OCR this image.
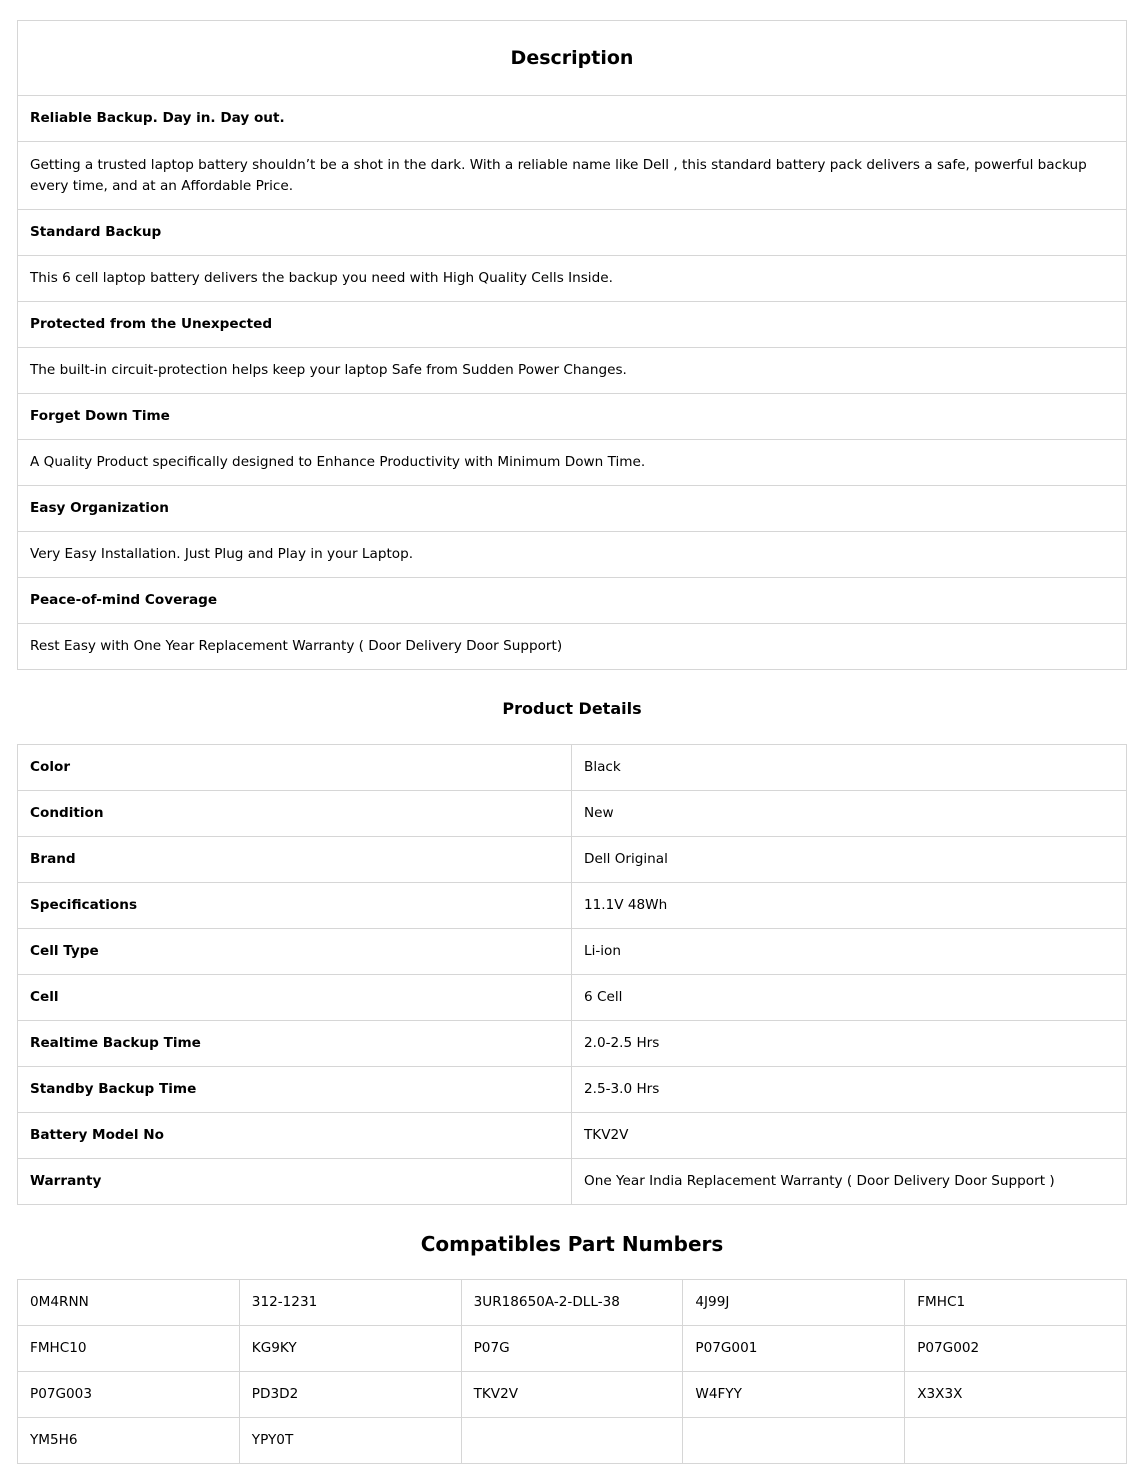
Description
Reliable Backup. Day in. Day out.
Getting a trusted laptop battery shouldn’t be a shot in the dark. With a reliable name like Dell , this standard battery pack delivers a safe, powerful backup every time, and at an Affordable Price.
Standard Backup
This 6 cell laptop battery delivers the backup you need with High Quality Cells Inside.
Protected from the Unexpected
The built-in circuit-protection helps keep your laptop Safe from Sudden Power Changes.
Forget Down Time
A Quality Product specifically designed to Enhance Productivity with Minimum Down Time.
Easy Organization
Very Easy Installation. Just Plug and Play in your Laptop.
Peace-of-mind Coverage
Rest Easy with One Year Replacement Warranty ( Door Delivery Door Support)
Product Details
Color	Black
Condition	New
Brand	Dell Original
Specifications	11.1V 48Wh
Cell Type	Li-ion
Cell	6 Cell
Realtime Backup Time	2.0-2.5 Hrs
Standby Backup Time	2.5-3.0 Hrs
Battery Model No	TKV2V
Warranty	One Year India Replacement Warranty ( Door Delivery Door Support )
Compatibles Part Numbers
0M4RNN	312-1231	3UR18650A-2-DLL-38	4J99J	FMHC1
FMHC10	KG9KY	P07G	P07G001	P07G002
P07G003	PD3D2	TKV2V	W4FYY	X3X3X
YM5H6	YPY0T			
